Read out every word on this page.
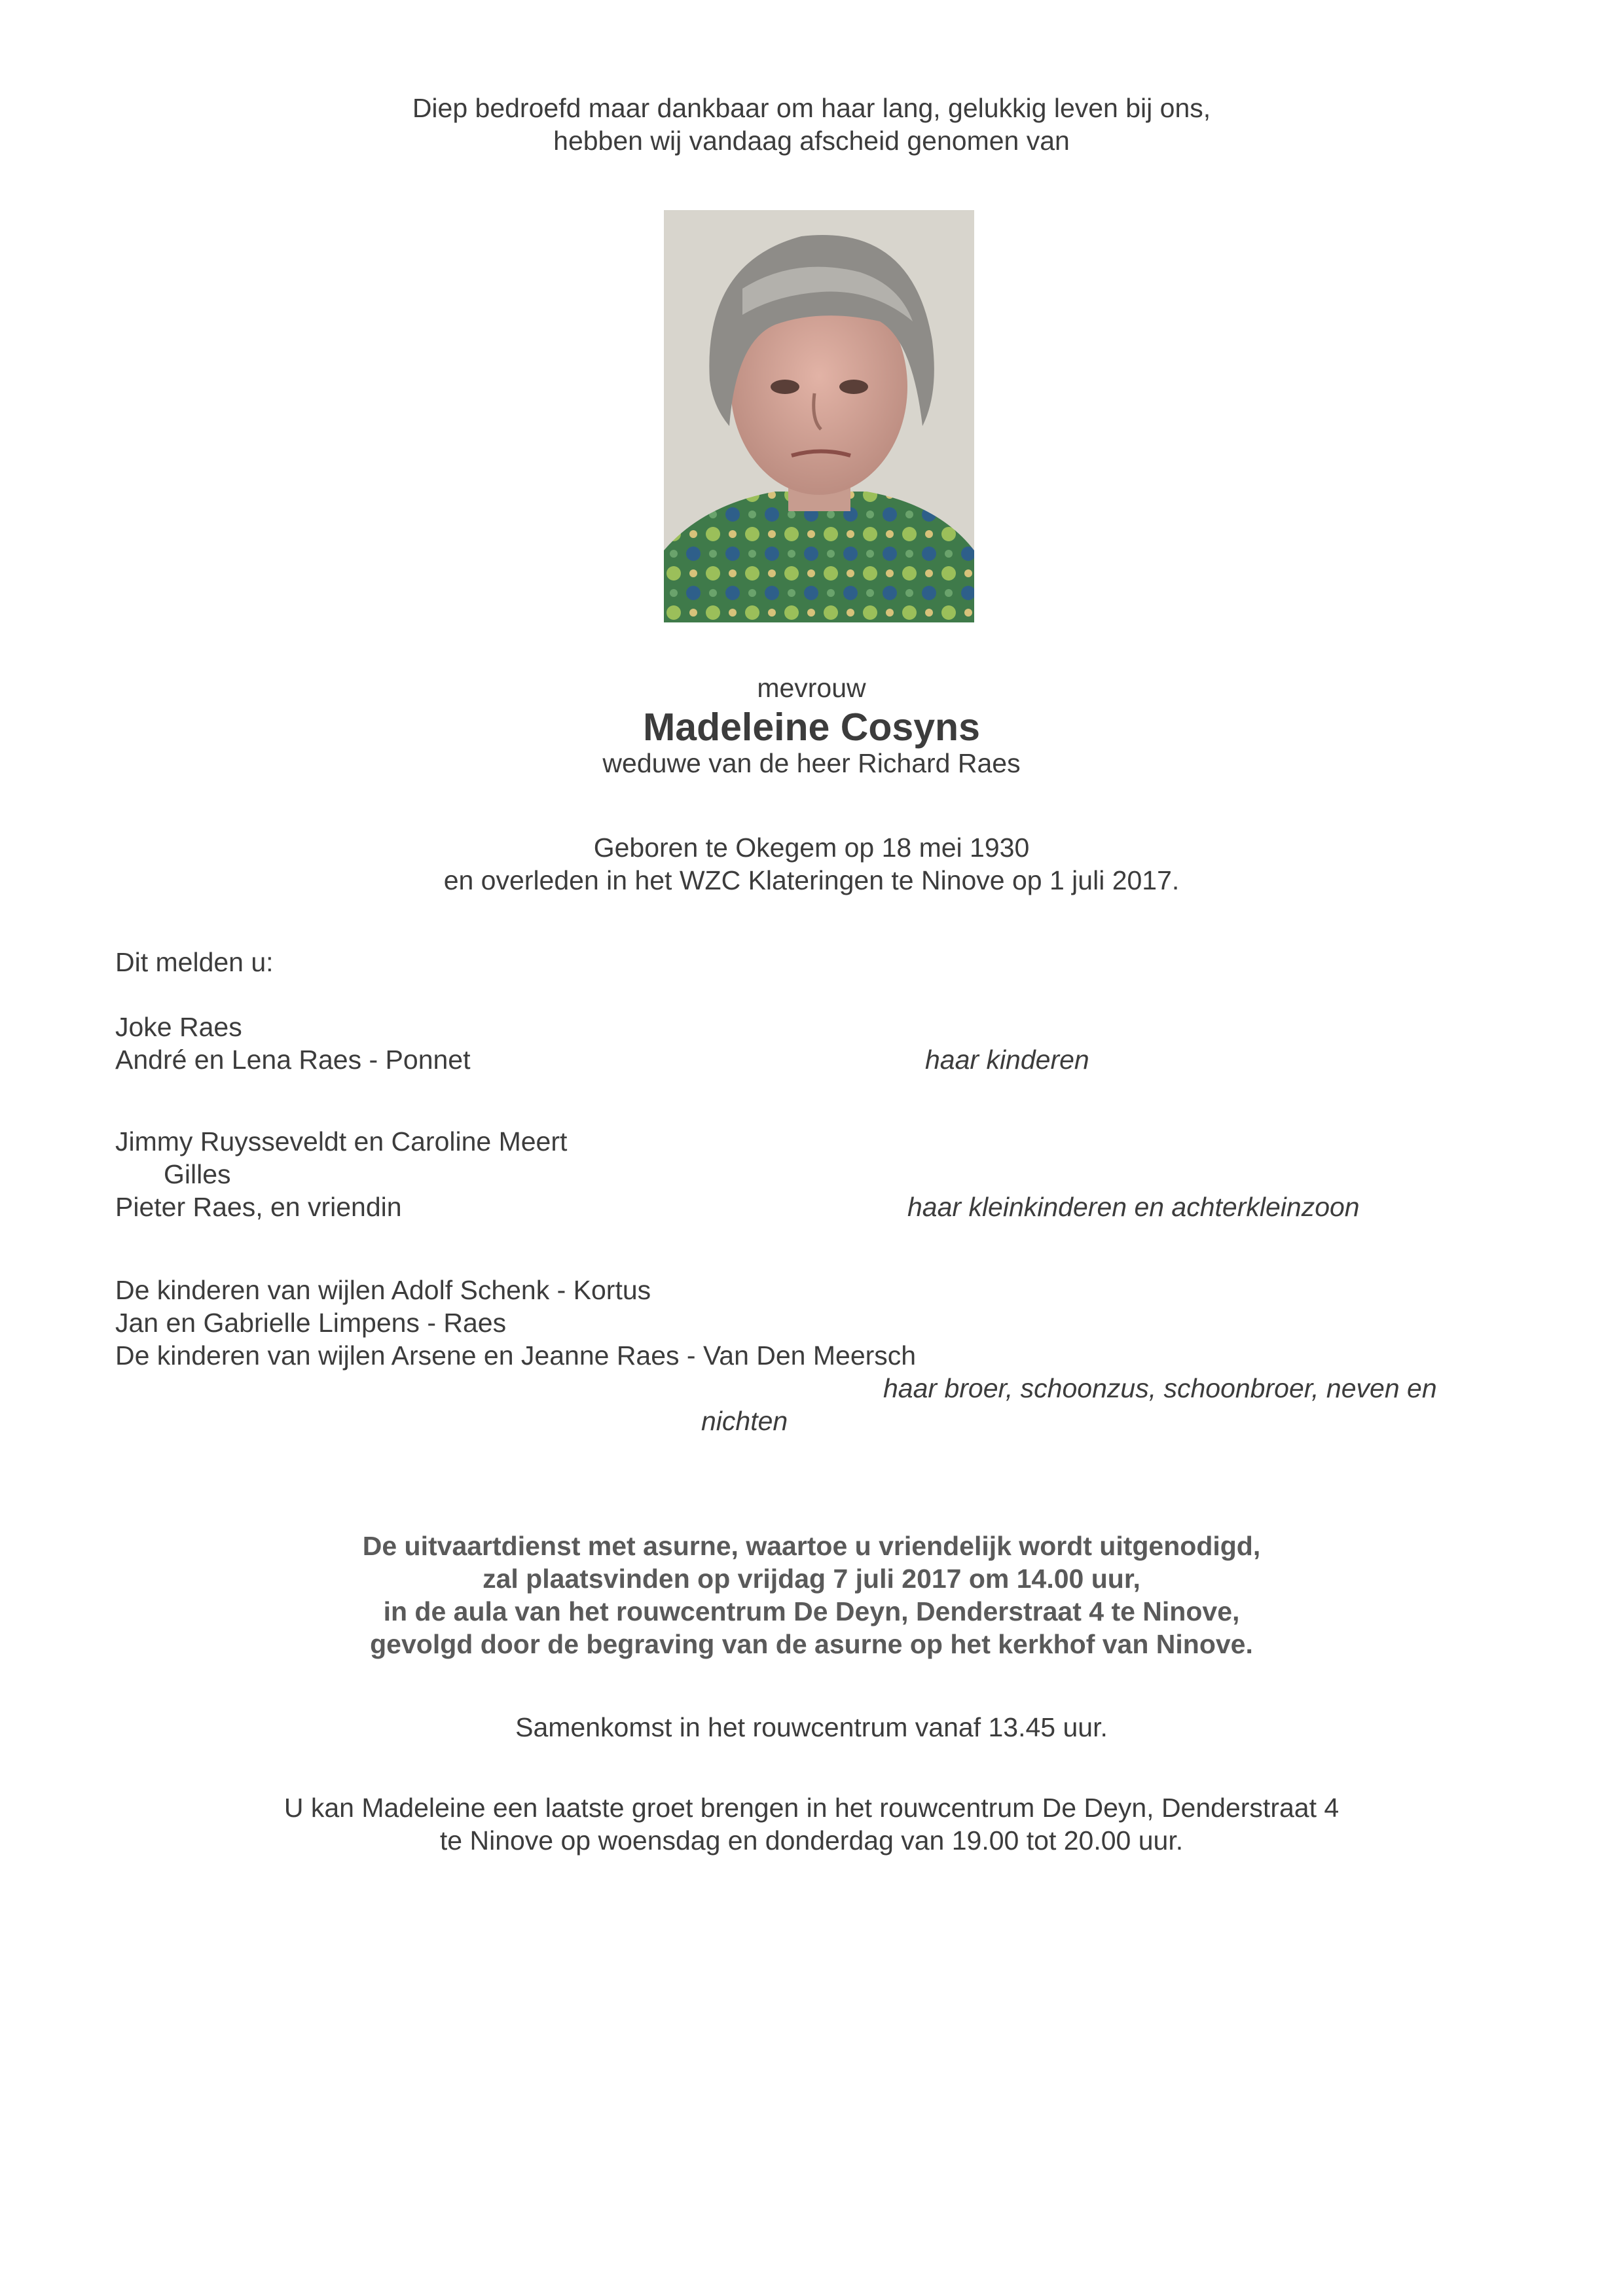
Diep bedroefd maar dankbaar om haar lang, gelukkig leven bij ons,
hebben wij vandaag afscheid genomen van
mevrouw
Madeleine Cosyns
weduwe van de heer Richard Raes
Geboren te Okegem op 18 mei 1930
en overleden in het WZC Klateringen te Ninove op 1 juli 2017.
Dit melden u:
Joke Raes
André en Lena Raes - Ponnet	haar kinderen
Jimmy Ruysseveldt en Caroline Meert
Gilles
Pieter Raes, en vriendin	haar kleinkinderen en achterkleinzoon
De kinderen van wijlen Adolf Schenk - Kortus
Jan en Gabrielle Limpens - Raes
De kinderen van wijlen Arsene en Jeanne Raes - Van Den Meersch
haar broer, schoonzus, schoonbroer, neven en
nichten
De uitvaartdienst met asurne, waartoe u vriendelijk wordt uitgenodigd,
zal plaatsvinden op vrijdag 7 juli 2017 om 14.00 uur,
in de aula van het rouwcentrum De Deyn, Denderstraat 4 te Ninove,
gevolgd door de begraving van de asurne op het kerkhof van Ninove.
Samenkomst in het rouwcentrum vanaf 13.45 uur.
U kan Madeleine een laatste groet brengen in het rouwcentrum De Deyn, Denderstraat 4
te Ninove op woensdag en donderdag van 19.00 tot 20.00 uur.
